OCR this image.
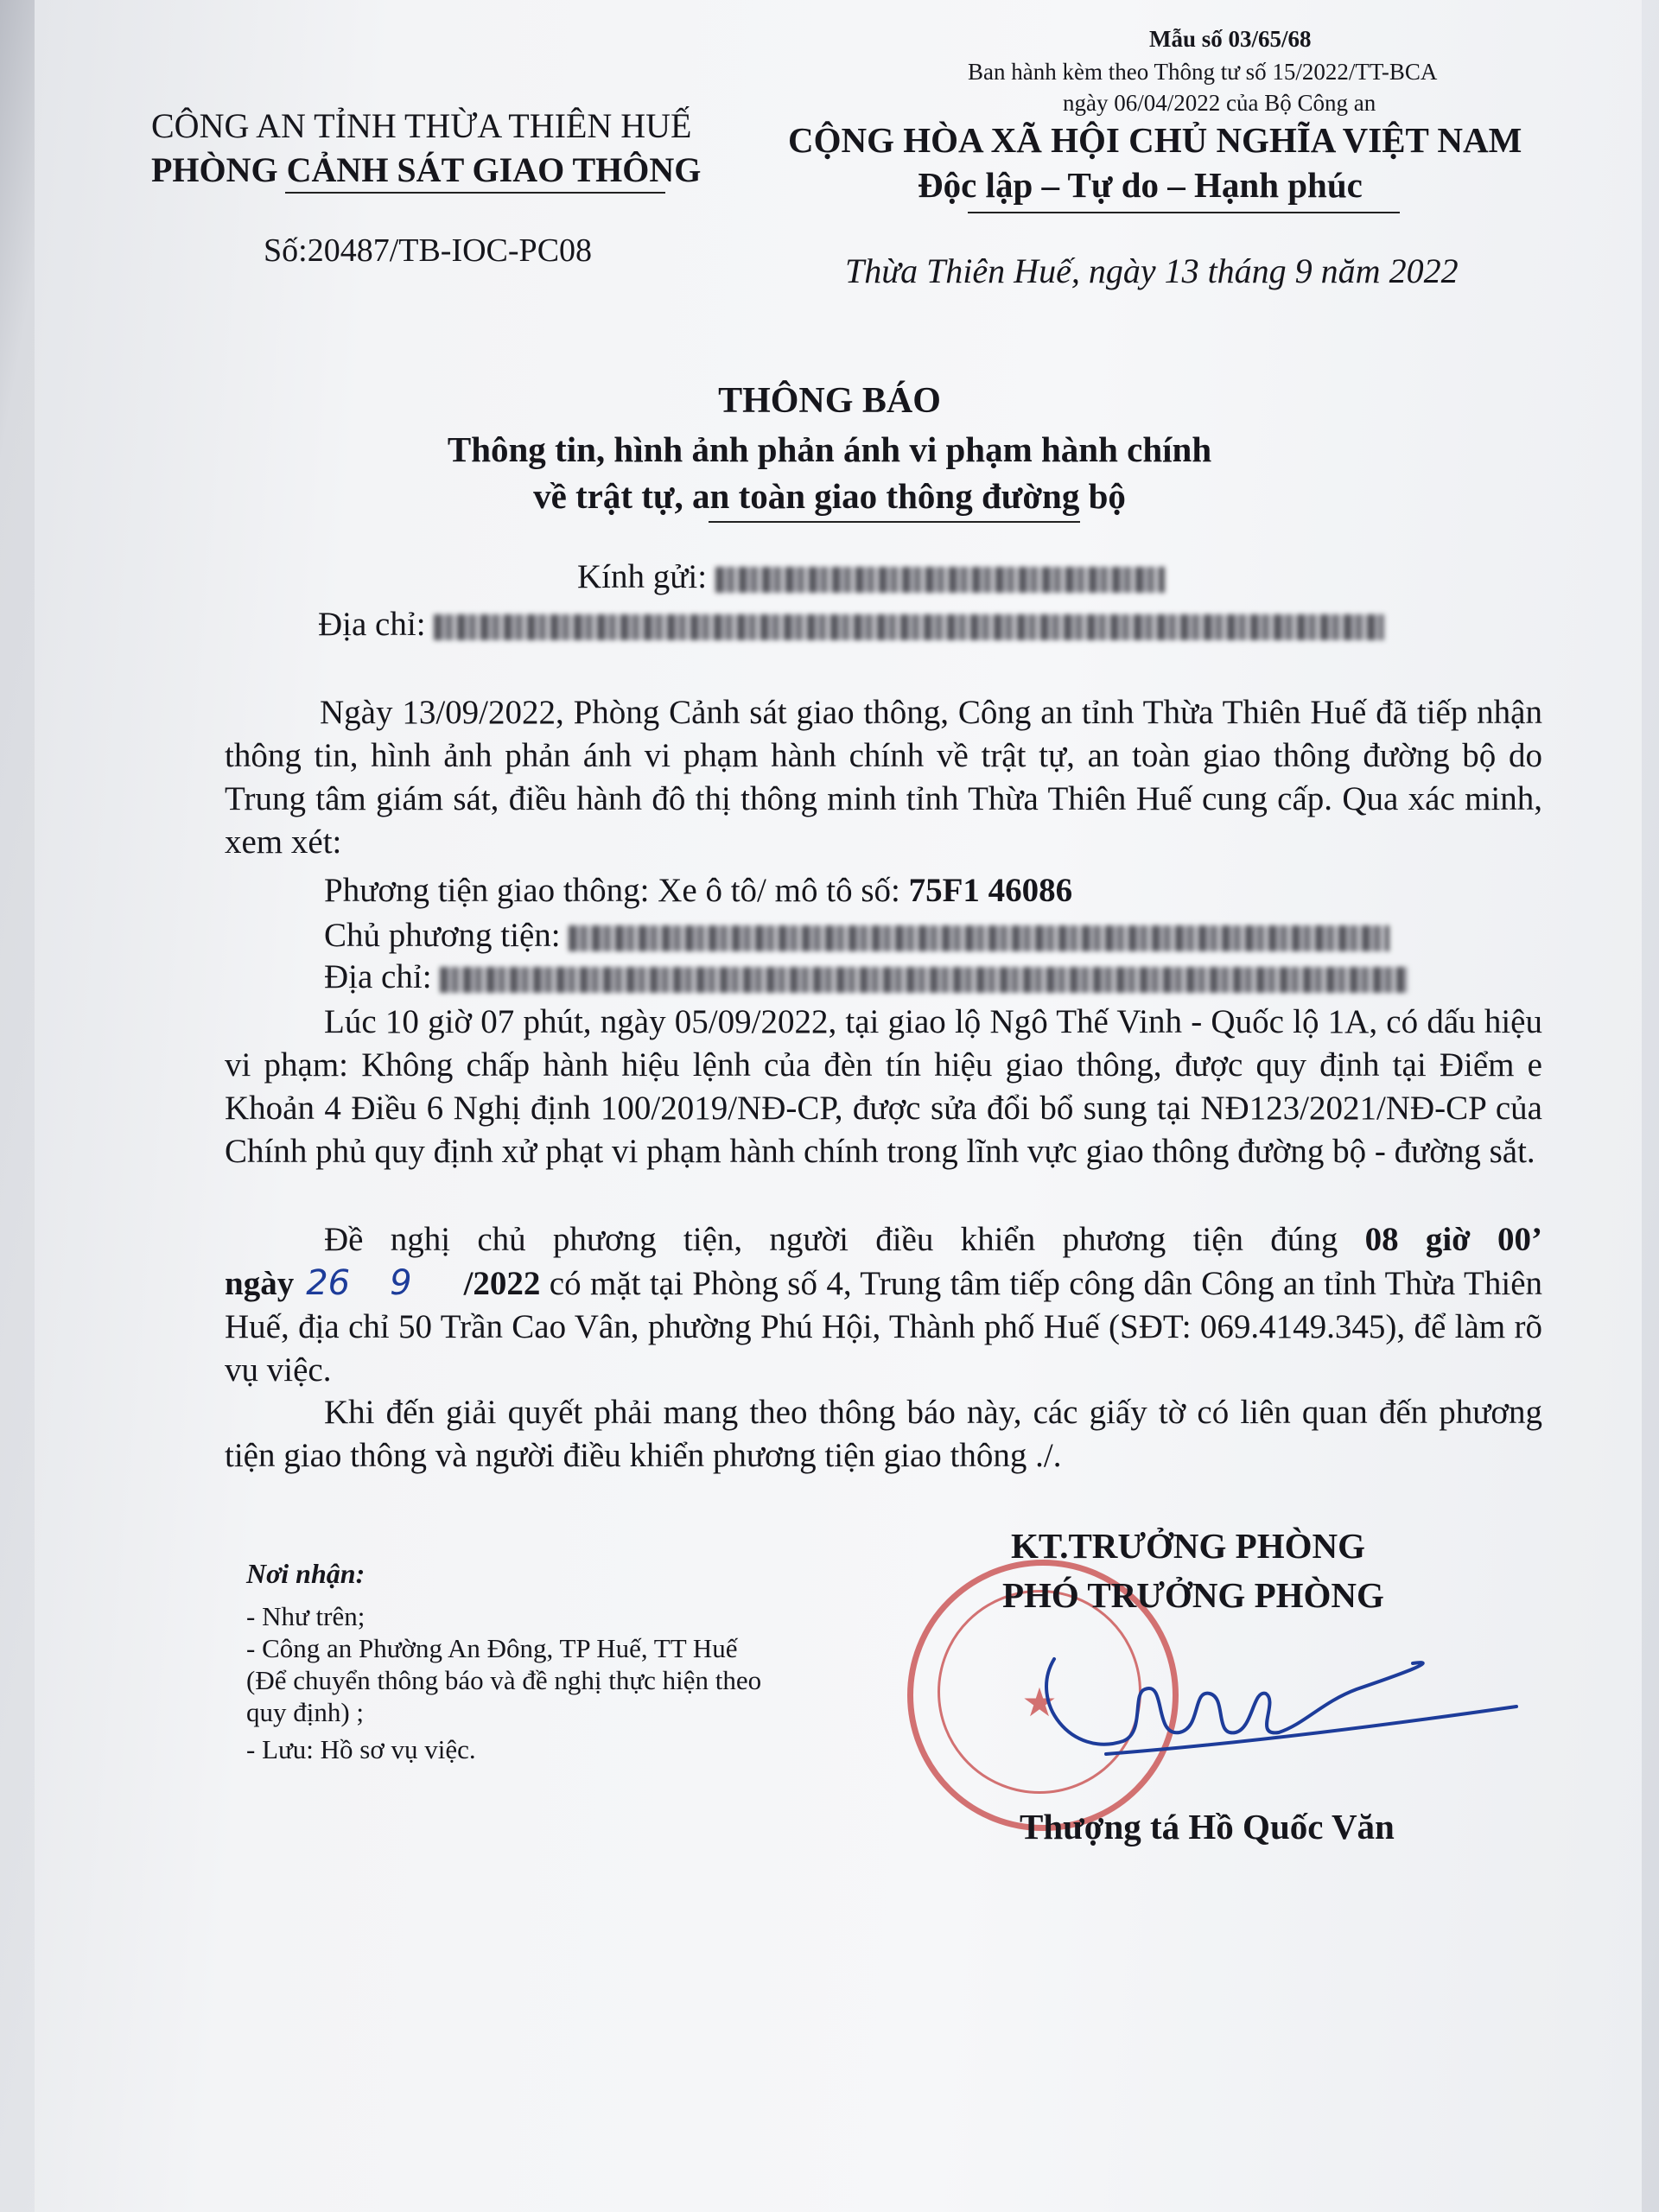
Mẫu số 03/65/68
Ban hành kèm theo Thông tư số 15/2022/TT-BCA
ngày 06/04/2022 của Bộ Công an
CÔNG AN TỈNH THỪA THIÊN HUẾ
PHÒNG CẢNH SÁT GIAO THÔNG
Số:20487/TB-IOC-PC08
CỘNG HÒA XÃ HỘI CHỦ NGHĨA VIỆT NAM
Độc lập – Tự do – Hạnh phúc
Thừa Thiên Huế, ngày 13 tháng 9 năm 2022
THÔNG BÁO
Thông tin, hình ảnh phản ánh vi phạm hành chính
về trật tự, an toàn giao thông đường bộ
Kính gửi:
Địa chỉ:
Ngày 13/09/2022, Phòng Cảnh sát giao thông, Công an tỉnh Thừa Thiên Huế đã tiếp nhận thông tin, hình ảnh phản ánh vi phạm hành chính về trật tự, an toàn giao thông đường bộ do Trung tâm giám sát, điều hành đô thị thông minh tỉnh Thừa Thiên Huế cung cấp. Qua xác minh, xem xét:
Phương tiện giao thông: Xe ô tô/ mô tô số: 75F1 46086
Chủ phương tiện:
Địa chỉ:
Lúc 10 giờ 07 phút, ngày 05/09/2022, tại giao lộ Ngô Thế Vinh - Quốc lộ 1A, có dấu hiệu vi phạm: Không chấp hành hiệu lệnh của đèn tín hiệu giao thông, được quy định tại Điểm e Khoản 4 Điều 6 Nghị định 100/2019/NĐ-CP, được sửa đổi bổ sung tại NĐ123/2021/NĐ-CP của Chính phủ quy định xử phạt vi phạm hành chính trong lĩnh vực giao thông đường bộ - đường sắt.
Đề nghị chủ phương tiện, người điều khiển phương tiện đúng 08 giờ 00’ ngày 26 9 /2022 có mặt tại Phòng số 4, Trung tâm tiếp công dân Công an tỉnh Thừa Thiên Huế, địa chỉ 50 Trần Cao Vân, phường Phú Hội, Thành phố Huế (SĐT: 069.4149.345), để làm rõ vụ việc.
Khi đến giải quyết phải mang theo thông báo này, các giấy tờ có liên quan đến phương tiện giao thông và người điều khiển phương tiện giao thông ./.
Nơi nhận:
- Như trên;
- Công an Phường An Đông, TP Huế, TT Huế
(Để chuyển thông báo và đề nghị thực hiện theo
quy định) ;
- Lưu: Hồ sơ vụ việc.
★
KT.TRƯỞNG PHÒNG
PHÓ TRƯỞNG PHÒNG
Thượng tá Hồ Quốc Văn
